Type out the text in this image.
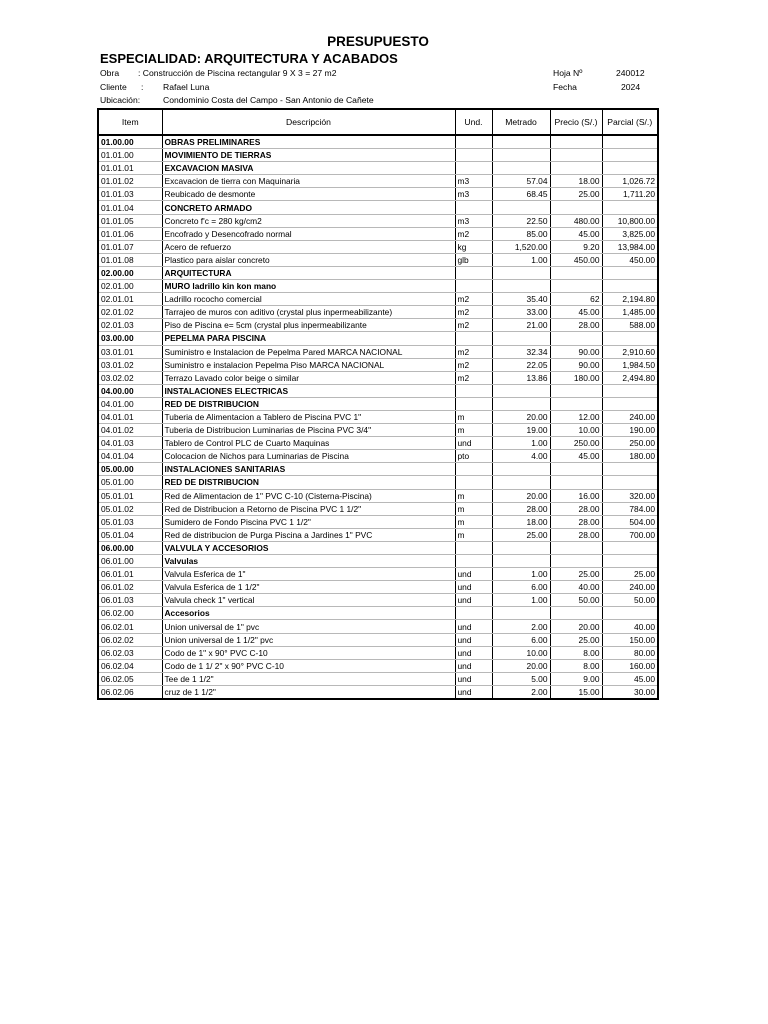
PRESUPUESTO
ESPECIALIDAD: ARQUITECTURA Y ACABADOS
Obra : Construcción de Piscina rectangular 9 X 3 = 27 m2
Cliente : Rafael Luna
Ubicación:	Condominio Costa del Campo - San Antonio de Cañete
Hoja Nº	240012
Fecha	2024
Item	Descripción	Und.	Metrado	Precio (S/.)	Parcial (S/.)
01.00.00	OBRAS PRELIMINARES				
01.01.00	MOVIMIENTO DE TIERRAS				
01.01.01	EXCAVACION MASIVA				
01.01.02	Excavacion de tierra con Maquinaria	m3	57.04	18.00	1,026.72
01.01.03	Reubicado de desmonte	m3	68.45	25.00	1,711.20
01.01.04	CONCRETO ARMADO				
01.01.05	Concreto f'c = 280 kg/cm2	m3	22.50	480.00	10,800.00
01.01.06	Encofrado y Desencofrado normal	m2	85.00	45.00	3,825.00
01.01.07	Acero de refuerzo	kg	1,520.00	9.20	13,984.00
01.01.08	Plastico para aislar concreto	glb	1.00	450.00	450.00
02.00.00	ARQUITECTURA				
02.01.00	MURO ladrillo kin kon mano				
02.01.01	Ladrillo rococho comercial	m2	35.40	62	2,194.80
02.01.02	Tarrajeo de muros con aditivo (crystal plus inpermeabilizante)	m2	33.00	45.00	1,485.00
02.01.03	Piso de Piscina e= 5cm (crystal plus inpermeabilizante	m2	21.00	28.00	588.00
03.00.00	PEPELMA PARA PISCINA				
03.01.01	Suministro e Instalacion de Pepelma Pared MARCA NACIONAL	m2	32.34	90.00	2,910.60
03.01.02	Suministro e instalacion Pepelma Piso MARCA NACIONAL	m2	22.05	90.00	1,984.50
03.02.02	Terrazo Lavado color beige o similar	m2	13.86	180.00	2,494.80
04.00.00	INSTALACIONES ELECTRICAS				
04.01.00	RED DE DISTRIBUCION				
04.01.01	Tuberia de Alimentacion a Tablero de Piscina PVC 1"	m	20.00	12.00	240.00
04.01.02	Tuberia de Distribucion Luminarias de Piscina PVC 3/4"	m	19.00	10.00	190.00
04.01.03	Tablero de Control PLC de Cuarto Maquinas	und	1.00	250.00	250.00
04.01.04	Colocacion de Nichos para Luminarias de Piscina	pto	4.00	45.00	180.00
05.00.00	INSTALACIONES SANITARIAS				
05.01.00	RED DE DISTRIBUCION				
05.01.01	Red de Alimentacion de 1" PVC C-10 (Cisterna-Piscina)	m	20.00	16.00	320.00
05.01.02	Red de Distribucion a Retorno de Piscina PVC 1 1/2"	m	28.00	28.00	784.00
05.01.03	Sumidero de Fondo Piscina PVC 1 1/2"	m	18.00	28.00	504.00
05.01.04	Red de distribucion de Purga Piscina a Jardines 1" PVC	m	25.00	28.00	700.00
06.00.00	VALVULA Y ACCESORIOS				
06.01.00	Valvulas				
06.01.01	Valvula Esferica de 1"	und	1.00	25.00	25.00
06.01.02	Valvula Esferica de 1 1/2"	und	6.00	40.00	240.00
06.01.03	Valvula check 1" vertical	und	1.00	50.00	50.00
06.02.00	Accesorios				
06.02.01	Union universal de 1" pvc	und	2.00	20.00	40.00
06.02.02	Union universal de 1 1/2" pvc	und	6.00	25.00	150.00
06.02.03	Codo de 1" x 90° PVC C-10	und	10.00	8.00	80.00
06.02.04	Codo de 1 1/ 2" x 90° PVC C-10	und	20.00	8.00	160.00
06.02.05	Tee de 1 1/2"	und	5.00	9.00	45.00
06.02.06	cruz de 1 1/2"	und	2.00	15.00	30.00
